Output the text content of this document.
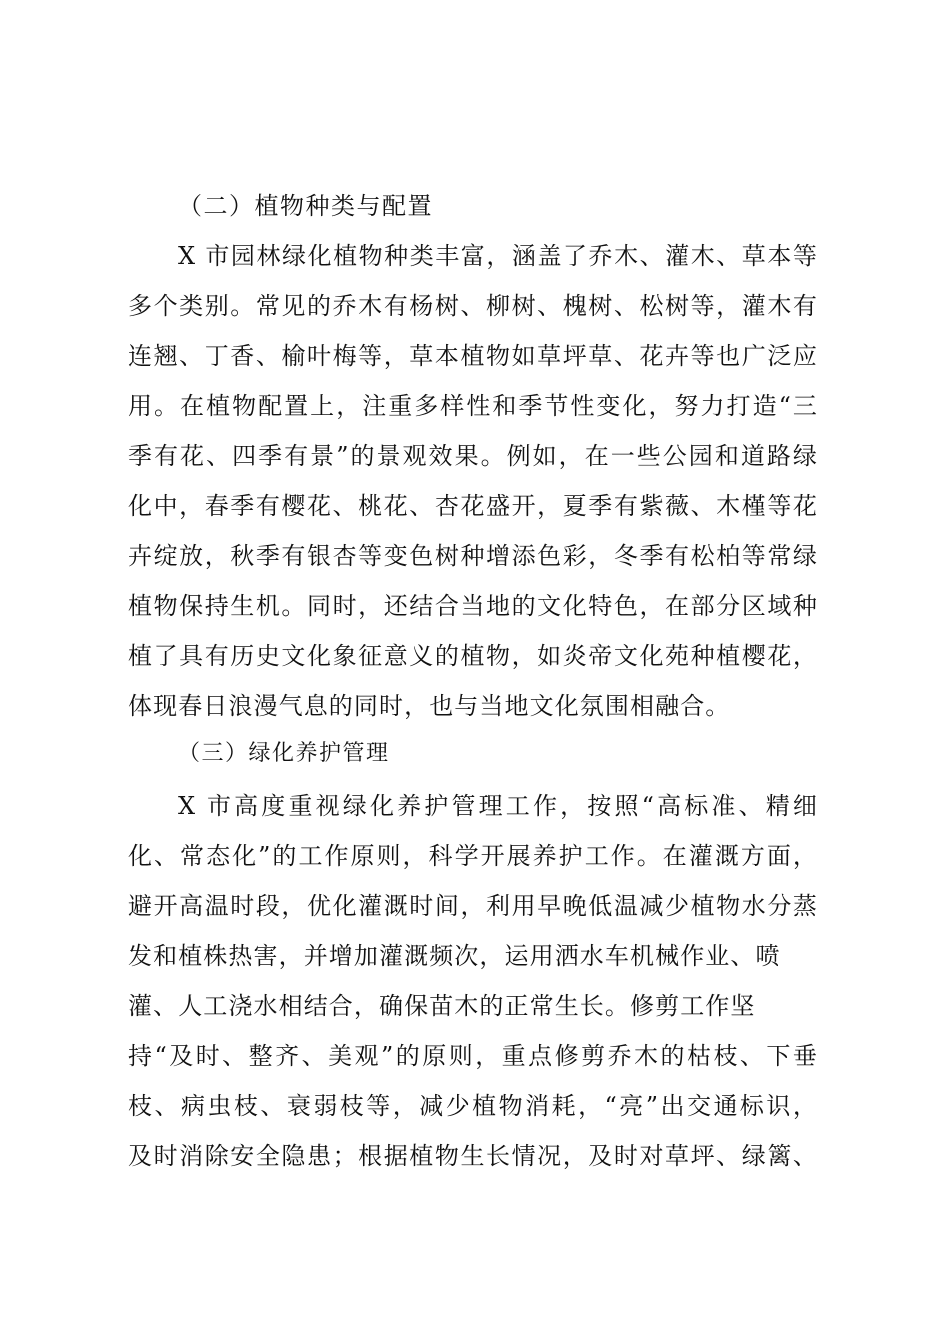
（二）植物种类与配置
X 市园林绿化植物种类丰富，涵盖了乔木、灌木、草本等
多个类别。常见的乔木有杨树、柳树、槐树、松树等，灌木有
连翘、丁香、榆叶梅等，草本植物如草坪草、花卉等也广泛应
用。在植物配置上，注重多样性和季节性变化，努力打造“三
季有花、四季有景”的景观效果。例如，在一些公园和道路绿
化中，春季有樱花、桃花、杏花盛开，夏季有紫薇、木槿等花
卉绽放，秋季有银杏等变色树种增添色彩，冬季有松柏等常绿
植物保持生机。同时，还结合当地的文化特色，在部分区域种
植了具有历史文化象征意义的植物，如炎帝文化苑种植樱花，
体现春日浪漫气息的同时，也与当地文化氛围相融合。
（三）绿化养护管理
X 市高度重视绿化养护管理工作，按照“高标准、精细
化、常态化”的工作原则，科学开展养护工作。在灌溉方面，
避开高温时段，优化灌溉时间，利用早晚低温减少植物水分蒸
发和植株热害，并增加灌溉频次，运用洒水车机械作业、喷
灌、人工浇水相结合，确保苗木的正常生长。修剪工作坚
持“及时、整齐、美观”的原则，重点修剪乔木的枯枝、下垂
枝、病虫枝、衰弱枝等，减少植物消耗，“亮”出交通标识，
及时消除安全隐患；根据植物生长情况，及时对草坪、绿篱、
